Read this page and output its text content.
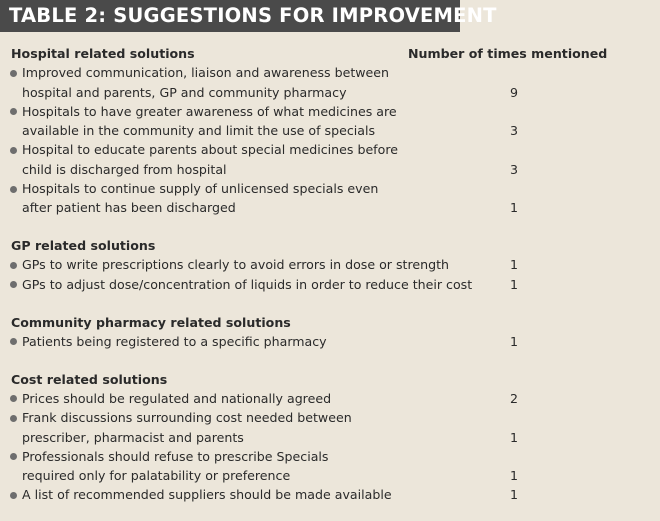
TABLE 2: SUGGESTIONS FOR IMPROVEMENT
Hospital related solutions	Number of times mentioned
Improved communication, liaison and awareness between
hospital and parents, GP and community pharmacy	9
Hospitals to have greater awareness of what medicines are
available in the community and limit the use of specials	3
Hospital to educate parents about special medicines before
child is discharged from hospital	3
Hospitals to continue supply of unlicensed specials even
after patient has been discharged	1
GP related solutions
GPs to write prescriptions clearly to avoid errors in dose or strength	1
GPs to adjust dose/concentration of liquids in order to reduce their cost	1
Community pharmacy related solutions
Patients being registered to a specific pharmacy	1
Cost related solutions
Prices should be regulated and nationally agreed	2
Frank discussions surrounding cost needed between
prescriber, pharmacist and parents	1
Professionals should refuse to prescribe Specials
required only for palatability or preference	1
A list of recommended suppliers should be made available	1
